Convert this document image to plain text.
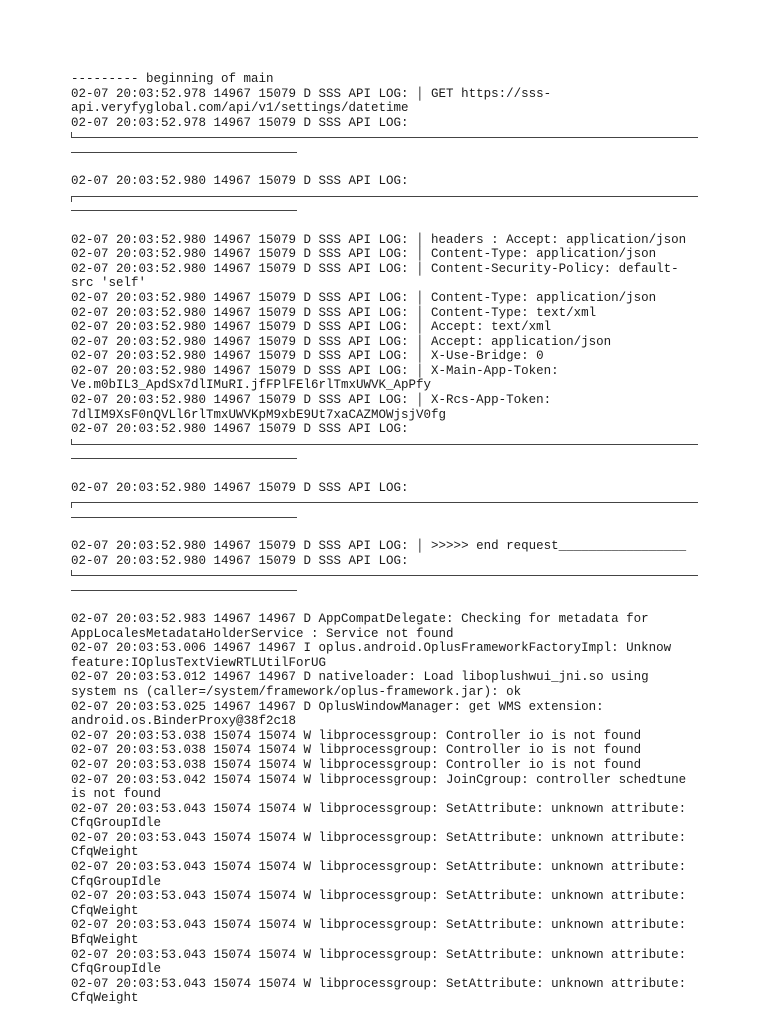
--------- beginning of main
02-07 20:03:52.978 14967 15079 D SSS API LOG: │ GET https://sss-
api.veryfyglobal.com/api/v1/settings/datetime
02-07 20:03:52.978 14967 15079 D SSS API LOG:
02-07 20:03:52.980 14967 15079 D SSS API LOG:
02-07 20:03:52.980 14967 15079 D SSS API LOG: │ headers : Accept: application/json
02-07 20:03:52.980 14967 15079 D SSS API LOG: │ Content-Type: application/json
02-07 20:03:52.980 14967 15079 D SSS API LOG: │ Content-Security-Policy: default-
src 'self'
02-07 20:03:52.980 14967 15079 D SSS API LOG: │ Content-Type: application/json
02-07 20:03:52.980 14967 15079 D SSS API LOG: │ Content-Type: text/xml
02-07 20:03:52.980 14967 15079 D SSS API LOG: │ Accept: text/xml
02-07 20:03:52.980 14967 15079 D SSS API LOG: │ Accept: application/json
02-07 20:03:52.980 14967 15079 D SSS API LOG: │ X-Use-Bridge: 0
02-07 20:03:52.980 14967 15079 D SSS API LOG: │ X-Main-App-Token:
Ve.m0bIL3_ApdSx7dlIMuRI.jfFPlFEl6rlTmxUWVK_ApPfy
02-07 20:03:52.980 14967 15079 D SSS API LOG: │ X-Rcs-App-Token:
7dlIM9XsF0nQVLl6rlTmxUWVKpM9xbE9Ut7xaCAZMOWjsjV0fg
02-07 20:03:52.980 14967 15079 D SSS API LOG:
02-07 20:03:52.980 14967 15079 D SSS API LOG:
02-07 20:03:52.980 14967 15079 D SSS API LOG: │ >>>>> end request_________________
02-07 20:03:52.980 14967 15079 D SSS API LOG:
02-07 20:03:52.983 14967 14967 D AppCompatDelegate: Checking for metadata for
AppLocalesMetadataHolderService : Service not found
02-07 20:03:53.006 14967 14967 I oplus.android.OplusFrameworkFactoryImpl: Unknow
feature:IOplusTextViewRTLUtilForUG
02-07 20:03:53.012 14967 14967 D nativeloader: Load liboplushwui_jni.so using
system ns (caller=/system/framework/oplus-framework.jar): ok
02-07 20:03:53.025 14967 14967 D OplusWindowManager: get WMS extension:
android.os.BinderProxy@38f2c18
02-07 20:03:53.038 15074 15074 W libprocessgroup: Controller io is not found
02-07 20:03:53.038 15074 15074 W libprocessgroup: Controller io is not found
02-07 20:03:53.038 15074 15074 W libprocessgroup: Controller io is not found
02-07 20:03:53.042 15074 15074 W libprocessgroup: JoinCgroup: controller schedtune
is not found
02-07 20:03:53.043 15074 15074 W libprocessgroup: SetAttribute: unknown attribute:
CfqGroupIdle
02-07 20:03:53.043 15074 15074 W libprocessgroup: SetAttribute: unknown attribute:
CfqWeight
02-07 20:03:53.043 15074 15074 W libprocessgroup: SetAttribute: unknown attribute:
CfqGroupIdle
02-07 20:03:53.043 15074 15074 W libprocessgroup: SetAttribute: unknown attribute:
CfqWeight
02-07 20:03:53.043 15074 15074 W libprocessgroup: SetAttribute: unknown attribute:
BfqWeight
02-07 20:03:53.043 15074 15074 W libprocessgroup: SetAttribute: unknown attribute:
CfqGroupIdle
02-07 20:03:53.043 15074 15074 W libprocessgroup: SetAttribute: unknown attribute:
CfqWeight
